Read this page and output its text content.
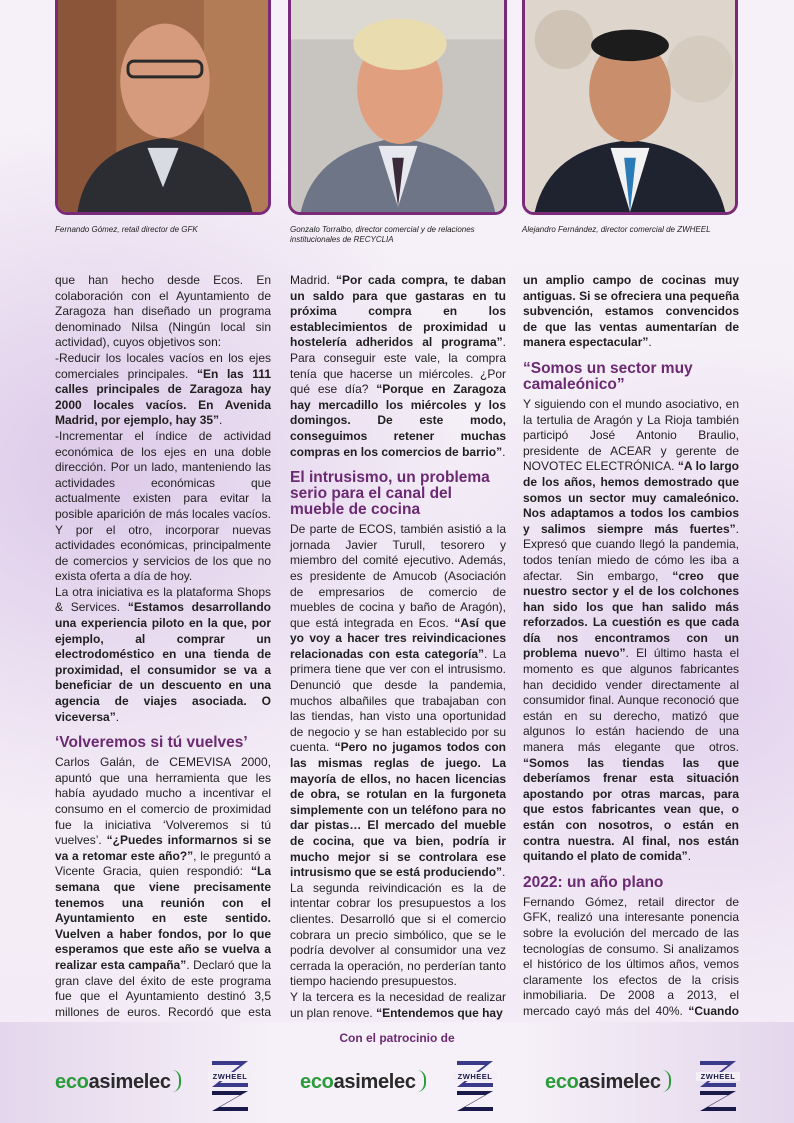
Fernando Gómez, retail director de GFK	Gonzalo Torralbo, director comercial y de relaciones institucionales de RECYCLIA
Alejandro Fernández, director comercial de ZWHEEL

que han hecho desde Ecos. En colaboración con el Ayuntamiento de Zaragoza han diseñado un programa denominado Nilsa (Ningún local sin actividad), cuyos objetivos son:

-Reducir los locales vacíos en los ejes comerciales principales. “En las 111 calles principales de Zaragoza hay 2000 locales vacíos. En Avenida Madrid, por ejemplo, hay 35”.

-Incrementar el índice de actividad económica de los ejes en una doble dirección. Por un lado, manteniendo las actividades económicas que actualmente existen para evitar la posible aparición de más locales vacíos. Y por el otro, incorporar nuevas actividades económicas, principalmente de comercios y servicios de los que no exista oferta a día de hoy.

La otra iniciativa es la plataforma Shops & Services. “Estamos desarrollando una experiencia piloto en la que, por ejemplo, al comprar un electrodoméstico en una tienda de proximidad, el consumidor se va a beneficiar de un descuento en una agencia de viajes asociada. O viceversa”.

‘Volveremos si tú vuelves’

Carlos Galán, de CEMEVISA 2000, apuntó que una herramienta que les había ayudado mucho a incentivar el consumo en el comercio de proximidad fue la iniciativa ‘Volveremos si tú vuelves’. “¿Puedes informarnos si se va a retomar este año?”, le preguntó a Vicente Gracia, quien respondió: “La semana que viene precisamente tenemos una reunión con el Ayuntamiento en este sentido. Vuelven a haber fondos, por lo que esperamos que este año se vuelva a realizar esta campaña”. Declaró que la gran clave del éxito de este programa fue que el Ayuntamiento destinó 3,5 millones de euros. Recordó que esta

Madrid. “Por cada compra, te daban un saldo para que gastaras en tu próxima compra en los establecimientos de proximidad u hostelería adheridos al programa”. Para conseguir este vale, la compra tenía que hacerse un miércoles. ¿Por qué ese día? “Porque en Zaragoza hay mercadillo los miércoles y los domingos. De este modo, conseguimos retener muchas compras en los comercios de barrio”.

El intrusismo, un problema serio para el canal del mueble de cocina

De parte de ECOS, también asistió a la jornada Javier Turull, tesorero y miembro del comité ejecutivo. Además, es presidente de Amucob (Asociación de empresarios de comercio de muebles de cocina y baño de Aragón), que está integrada en Ecos. “Así que yo voy a hacer tres reivindicaciones relacionadas con esta categoría”. La primera tiene que ver con el intrusismo. Denunció que desde la pandemia, muchos albañiles que trabajaban con las tiendas, han visto una oportunidad de negocio y se han establecido por su cuenta. “Pero no jugamos todos con las mismas reglas de juego. La mayoría de ellos, no hacen licencias de obra, se rotulan en la furgoneta simplemente con un teléfono para no dar pistas… El mercado del mueble de cocina, que va bien, podría ir mucho mejor si se controlara ese intrusismo que se está produciendo”.

La segunda reivindicación es la de intentar cobrar los presupuestos a los clientes. Desarrolló que si el comercio cobrara un precio simbólico, que se le podría devolver al consumidor una vez cerrada la operación, no perderían tanto tiempo haciendo presupuestos.

Y la tercera es la necesidad de realizar un plan renove. “Entendemos que hay

un amplio campo de cocinas muy antiguas. Si se ofreciera una pequeña subvención, estamos convencidos de que las ventas aumentarían de manera espectacular”.

“Somos un sector muy camaleónico”

Y siguiendo con el mundo asociativo, en la tertulia de Aragón y La Rioja también participó José Antonio Braulio, presidente de ACEAR y gerente de NOVOTEC ELECTRÓNICA. “A lo largo de los años, hemos demostrado que somos un sector muy camaleónico. Nos adaptamos a todos los cambios y salimos siempre más fuertes”. Expresó que cuando llegó la pandemia, todos tenían miedo de cómo les iba a afectar. Sin embargo, “creo que nuestro sector y el de los colchones han sido los que han salido más reforzados. La cuestión es que cada día nos encontramos con un problema nuevo”. El último hasta el momento es que algunos fabricantes han decidido vender directamente al consumidor final. Aunque reconoció que están en su derecho, matizó que algunos lo están haciendo de una manera más elegante que otros. “Somos las tiendas las que deberíamos frenar esta situación apostando por otras marcas, para que estos fabricantes vean que, o están con nosotros, o están en contra nuestra. Al final, nos están quitando el plato de comida”.

2022: un año plano

Fernando Gómez, retail director de GFK, realizó una interesante ponencia sobre la evolución del mercado de las tecnologías de consumo. Si analizamos el histórico de los últimos años, vemos claramente los efectos de la crisis inmobiliaria. De 2008 a 2013, el mercado cayó más del 40%. “Cuando

Con el patrocinio de
ecoasimelec	ZWHEEL	ecoasimelec	ZWHEEL	ecoasimelec	ZWHEEL
